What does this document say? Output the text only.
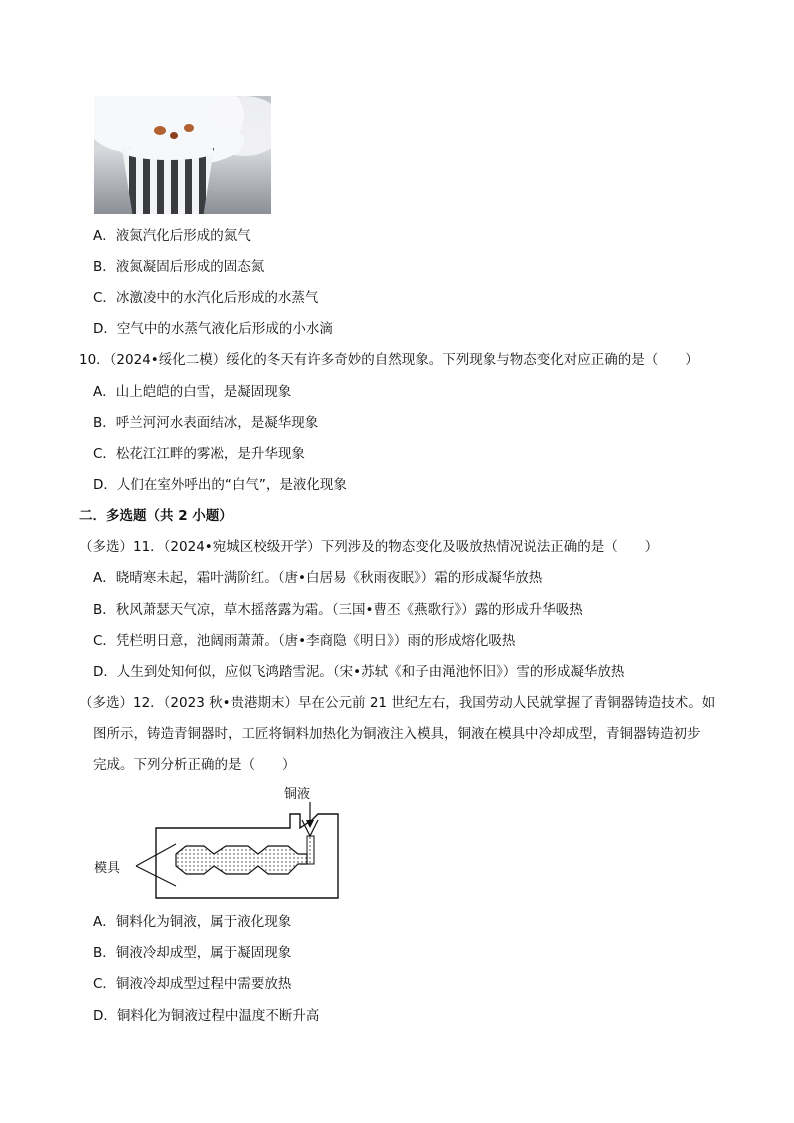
A．液氮汽化后形成的氮气
B．液氮凝固后形成的固态氮
C．冰激凌中的水汽化后形成的水蒸气
D．空气中的水蒸气液化后形成的小水滴
10．（2024•绥化二模）绥化的冬天有许多奇妙的自然现象。下列现象与物态变化对应正确的是（　　）
A．山上皑皑的白雪，是凝固现象
B．呼兰河河水表面结冰，是凝华现象
C．松花江江畔的雾凇，是升华现象
D．人们在室外呼出的“白气”，是液化现象
二．多选题（共 2 小题）
（多选）11．（2024•宛城区校级开学）下列涉及的物态变化及吸放热情况说法正确的是（　　）
A．晓晴寒未起，霜叶满阶红。（唐•白居易《秋雨夜眠》）霜的形成凝华放热
B．秋风萧瑟天气凉，草木摇落露为霜。（三国•曹丕《燕歌行》）露的形成升华吸热
C．凭栏明日意，池阔雨萧萧。（唐•李商隐《明日》）雨的形成熔化吸热
D．人生到处知何似，应似飞鸿踏雪泥。（宋•苏轼《和子由渑池怀旧》）雪的形成凝华放热
（多选）12．（2023 秋•贵港期末）早在公元前 21 世纪左右，我国劳动人民就掌握了青铜器铸造技术。如
图所示，铸造青铜器时，工匠将铜料加热化为铜液注入模具，铜液在模具中冷却成型，青铜器铸造初步
完成。下列分析正确的是（　　）
铜液
模具
A．铜料化为铜液，属于液化现象
B．铜液冷却成型，属于凝固现象
C．铜液冷却成型过程中需要放热
D．铜料化为铜液过程中温度不断升高
